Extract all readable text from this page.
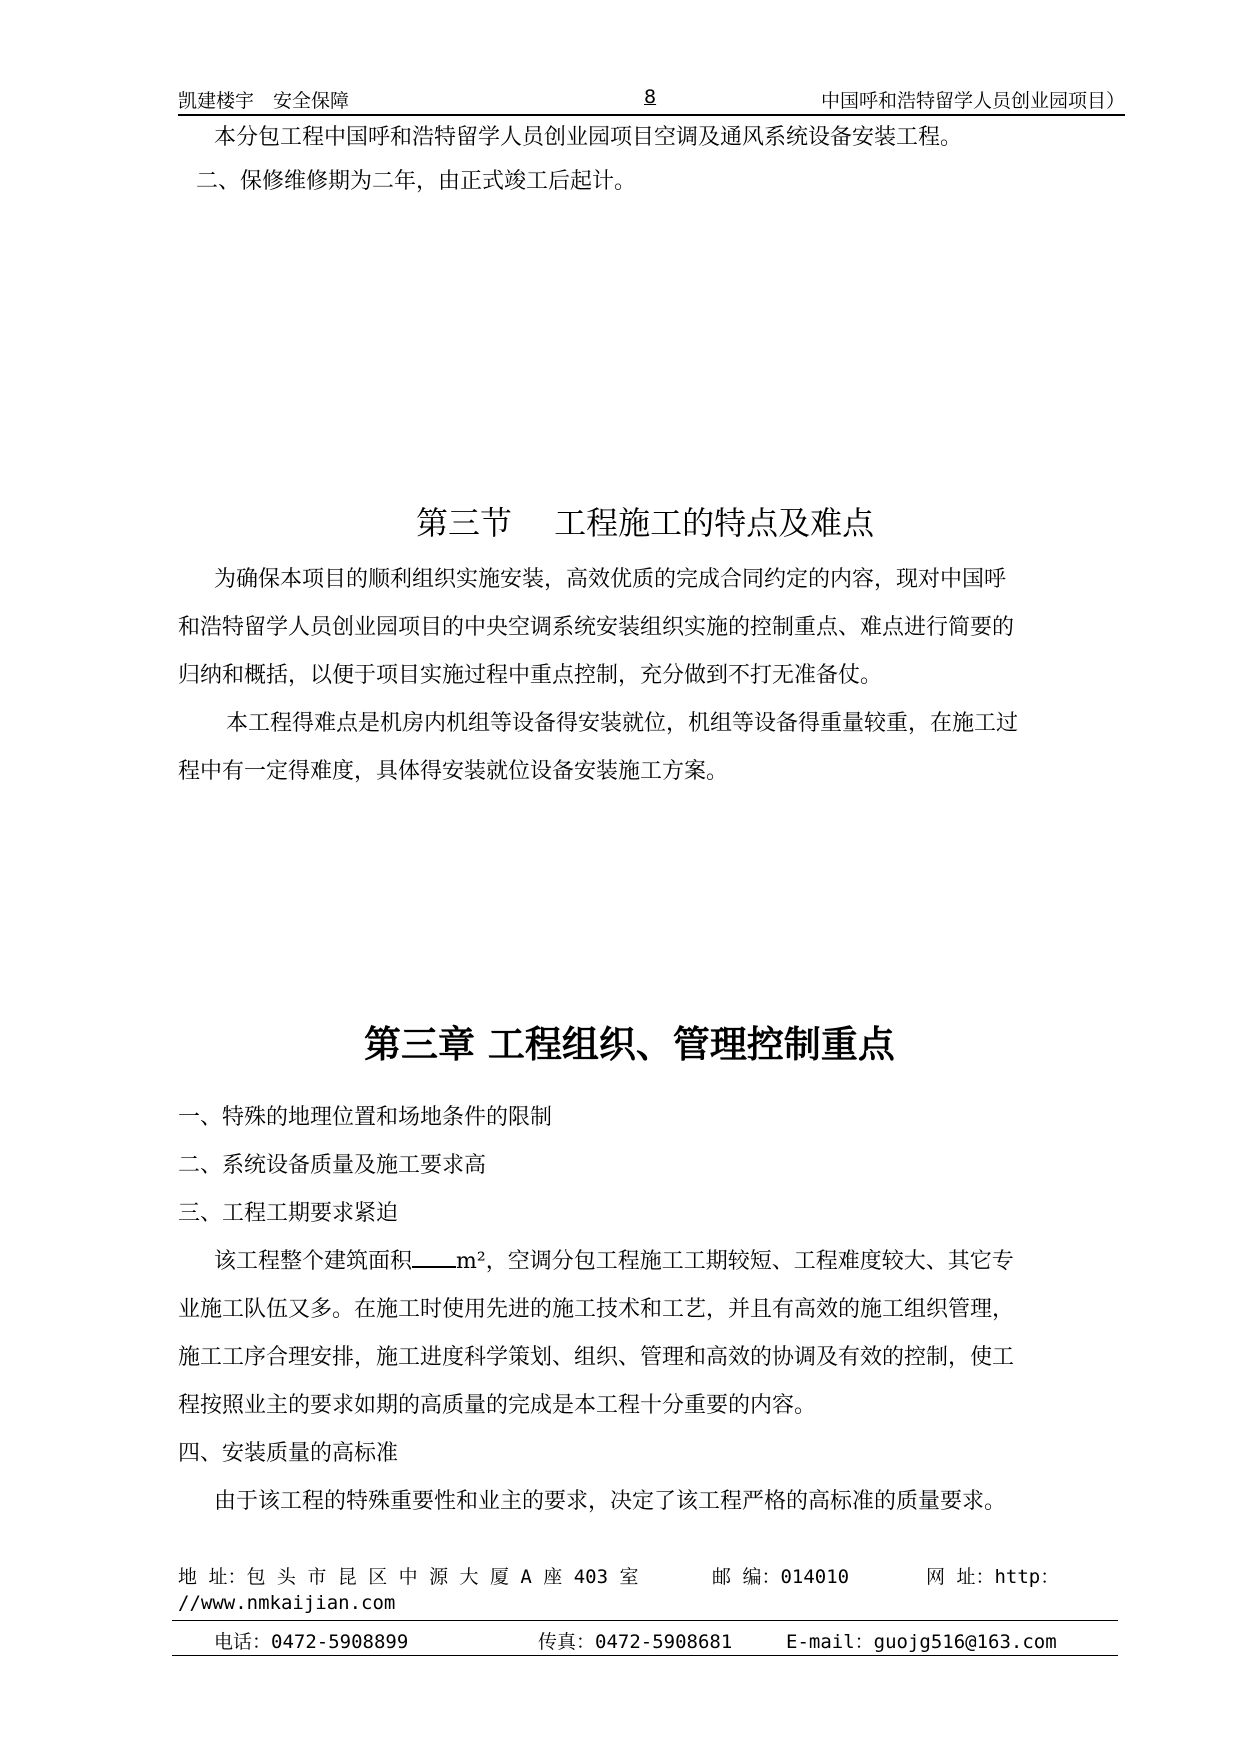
凯建楼宇　安全保障	8	中国呼和浩特留学人员创业园项目）
本分包工程中国呼和浩特留学人员创业园项目空调及通风系统设备安装工程。
二、保修维修期为二年，由正式竣工后起计。
第三节　 工程施工的特点及难点
为确保本项目的顺利组织实施安装，高效优质的完成合同约定的内容，现对中国呼
和浩特留学人员创业园项目的中央空调系统安装组织实施的控制重点、难点进行简要的
归纳和概括，以便于项目实施过程中重点控制，充分做到不打无准备仗。
本工程得难点是机房内机组等设备得安装就位，机组等设备得重量较重，在施工过
程中有一定得难度，具体得安装就位设备安装施工方案。
第三章 工程组织、管理控制重点
一、特殊的地理位置和场地条件的限制
二、系统设备质量及施工要求高
三、工程工期要求紧迫
该工程整个建筑面积 m²，空调分包工程施工工期较短、工程难度较大、其它专
业施工队伍又多。在施工时使用先进的施工技术和工艺，并且有高效的施工组织管理，
施工工序合理安排，施工进度科学策划、组织、管理和高效的协调及有效的控制，使工
程按照业主的要求如期的高质量的完成是本工程十分重要的内容。
四、安装质量的高标准
由于该工程的特殊重要性和业主的要求，决定了该工程严格的高标准的质量要求。
地 址：包 头 市 昆 区 中 源 大 厦 A 座 403 室	邮 编：014010	网 址：http：
//www.nmkaijian.com
电话：0472-5908899	传真：0472-5908681	E-mail：guojg516@163.com
